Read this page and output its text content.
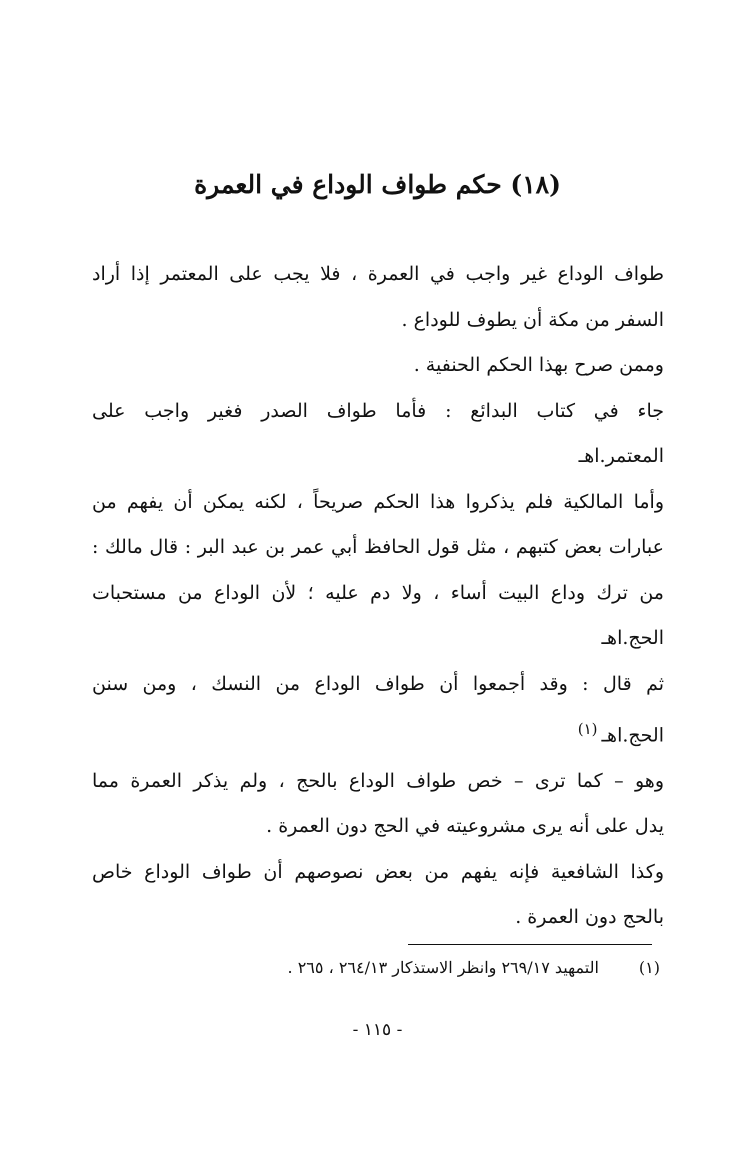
(١٨) حكم طواف الوداع في العمرة
طواف الوداع غير واجب في العمرة ، فلا يجب على المعتمر إذا أراد
السفر من مكة أن يطوف للوداع .
وممن صرح بهذا الحكم الحنفية .
جاء في كتاب البدائع : فأما طواف الصدر فغير واجب على
المعتمر.اهـ
وأما المالكية فلم يذكروا هذا الحكم صريحاً ، لكنه يمكن أن يفهم من
عبارات بعض كتبهم ، مثل قول الحافظ أبي عمر بن عبد البر : قال مالك :
من ترك وداع البيت أساء ، ولا دم عليه ؛ لأن الوداع من مستحبات
الحج.اهـ
ثم قال : وقد أجمعوا أن طواف الوداع من النسك ، ومن سنن
الحج.اهـ$^{(١)}$
وهو – كما ترى – خص طواف الوداع بالحج ، ولم يذكر العمرة مما
يدل على أنه يرى مشروعيته في الحج دون العمرة .
وكذا الشافعية فإنه يفهم من بعض نصوصهم أن طواف الوداع خاص
بالحج دون العمرة .
(١)
التمهيد ٢٦٩/١٧ وانظر الاستذكار ٢٦٤/١٣ ، ٢٦٥ .
- ١١٥ -
